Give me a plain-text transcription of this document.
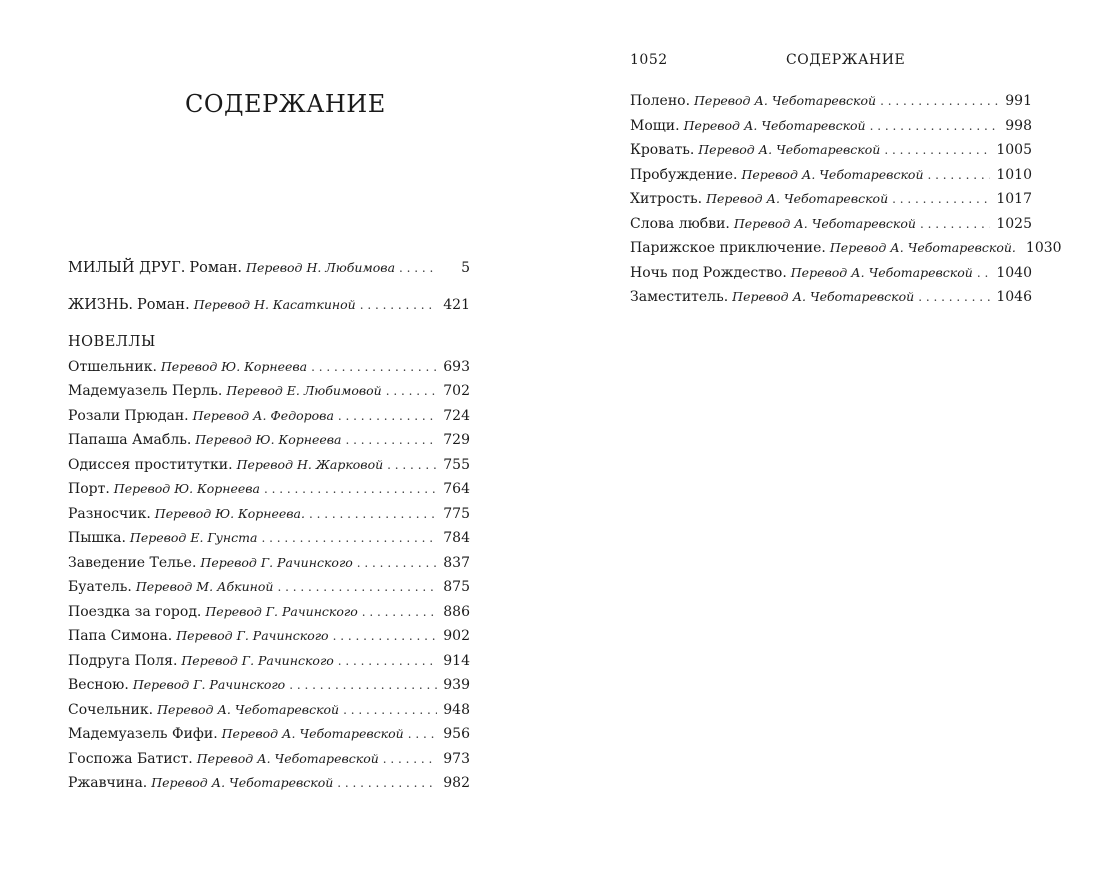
СОДЕРЖАНИЕ
МИЛЫЙ ДРУГ. Роман. Перевод Н. Любимова . . .	5
ЖИЗНЬ. Роман. Перевод Н. Касаткиной . . .	421
НОВЕЛЛЫ
Отшельник. Перевод Ю. Корнеева . . .	693
Мадемуазель Перль. Перевод Е. Любимовой . . .	702
Розали Прюдан. Перевод А. Федорова . . .	724
Папаша Амабль. Перевод Ю. Корнеева . . .	729
Одиссея проститутки. Перевод Н. Жарковой . . .	755
Порт. Перевод Ю. Корнеева . . .	764
Разносчик. Перевод Ю. Корнеева. . . .	775
Пышка. Перевод Е. Гунста . . .	784
Заведение Телье. Перевод Г. Рачинского . . .	837
Буатель. Перевод М. Абкиной . . .	875
Поездка за город. Перевод Г. Рачинского . . .	886
Папа Симона. Перевод Г. Рачинского . . .	902
Подруга Поля. Перевод Г. Рачинского . . .	914
Весною. Перевод Г. Рачинского . . .	939
Сочельник. Перевод А. Чеботаревской . . .	948
Мадемуазель Фифи. Перевод А. Чеботаревской . . .	956
Госпожа Батист. Перевод А. Чеботаревской . . .	973
Ржавчина. Перевод А. Чеботаревской . . .	982
1052	СОДЕРЖАНИЕ
Полено. Перевод А. Чеботаревской . . .	991
Мощи. Перевод А. Чеботаревской . . .	998
Кровать. Перевод А. Чеботаревской . . .	1005
Пробуждение. Перевод А. Чеботаревской . . .	1010
Хитрость. Перевод А. Чеботаревской . . .	1017
Слова любви. Перевод А. Чеботаревской . . .	1025
Парижское приключение. Перевод А. Чеботаревской. 1030
Ночь под Рождество. Перевод А. Чеботаревской . . . 1040
Заместитель. Перевод А. Чеботаревской . . .	1046
